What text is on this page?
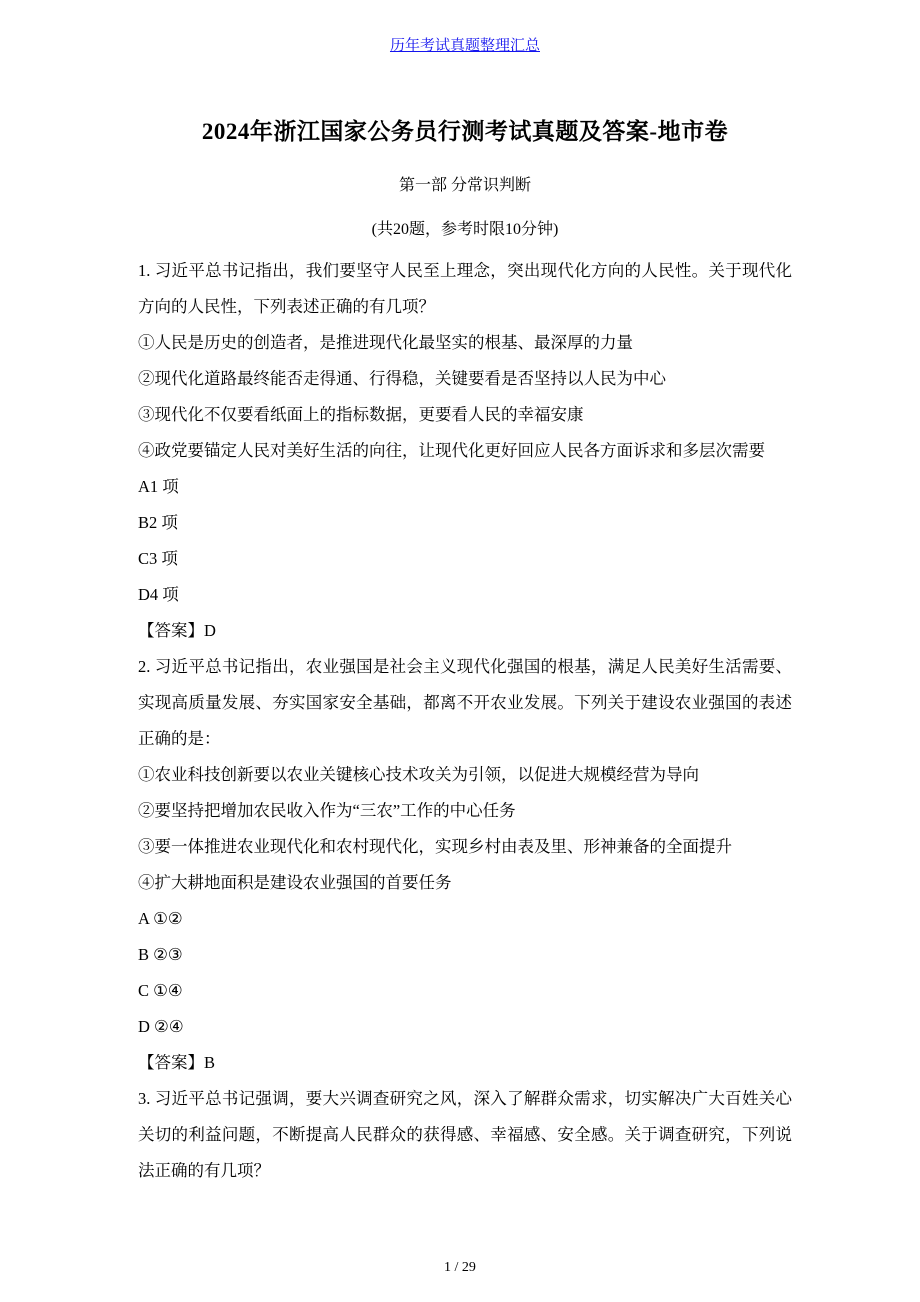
历年考试真题整理汇总
2024年浙江国家公务员行测考试真题及答案-地市卷
第一部 分常识判断
(共20题，参考时限10分钟)

1. 习近平总书记指出，我们要坚守人民至上理念，突出现代化方向的人民性。关于现代化方向的人民性，下列表述正确的有几项？

①人民是历史的创造者，是推进现代化最坚实的根基、最深厚的力量

②现代化道路最终能否走得通、行得稳，关键要看是否坚持以人民为中心

③现代化不仅要看纸面上的指标数据，更要看人民的幸福安康

④政党要锚定人民对美好生活的向往，让现代化更好回应人民各方面诉求和多层次需要

A1 项

B2 项

C3 项

D4 项

【答案】D

2. 习近平总书记指出，农业强国是社会主义现代化强国的根基，满足人民美好生活需要、实现高质量发展、夯实国家安全基础，都离不开农业发展。下列关于建设农业强国的表述正确的是：

①农业科技创新要以农业关键核心技术攻关为引领，以促进大规模经营为导向

②要坚持把增加农民收入作为“三农”工作的中心任务

③要一体推进农业现代化和农村现代化，实现乡村由表及里、形神兼备的全面提升

④扩大耕地面积是建设农业强国的首要任务

A ①②

B ②③

C ①④

D ②④

【答案】B

3. 习近平总书记强调，要大兴调查研究之风，深入了解群众需求，切实解决广大百姓关心关切的利益问题，不断提高人民群众的获得感、幸福感、安全感。关于调查研究，下列说法正确的有几项？

1 / 29
